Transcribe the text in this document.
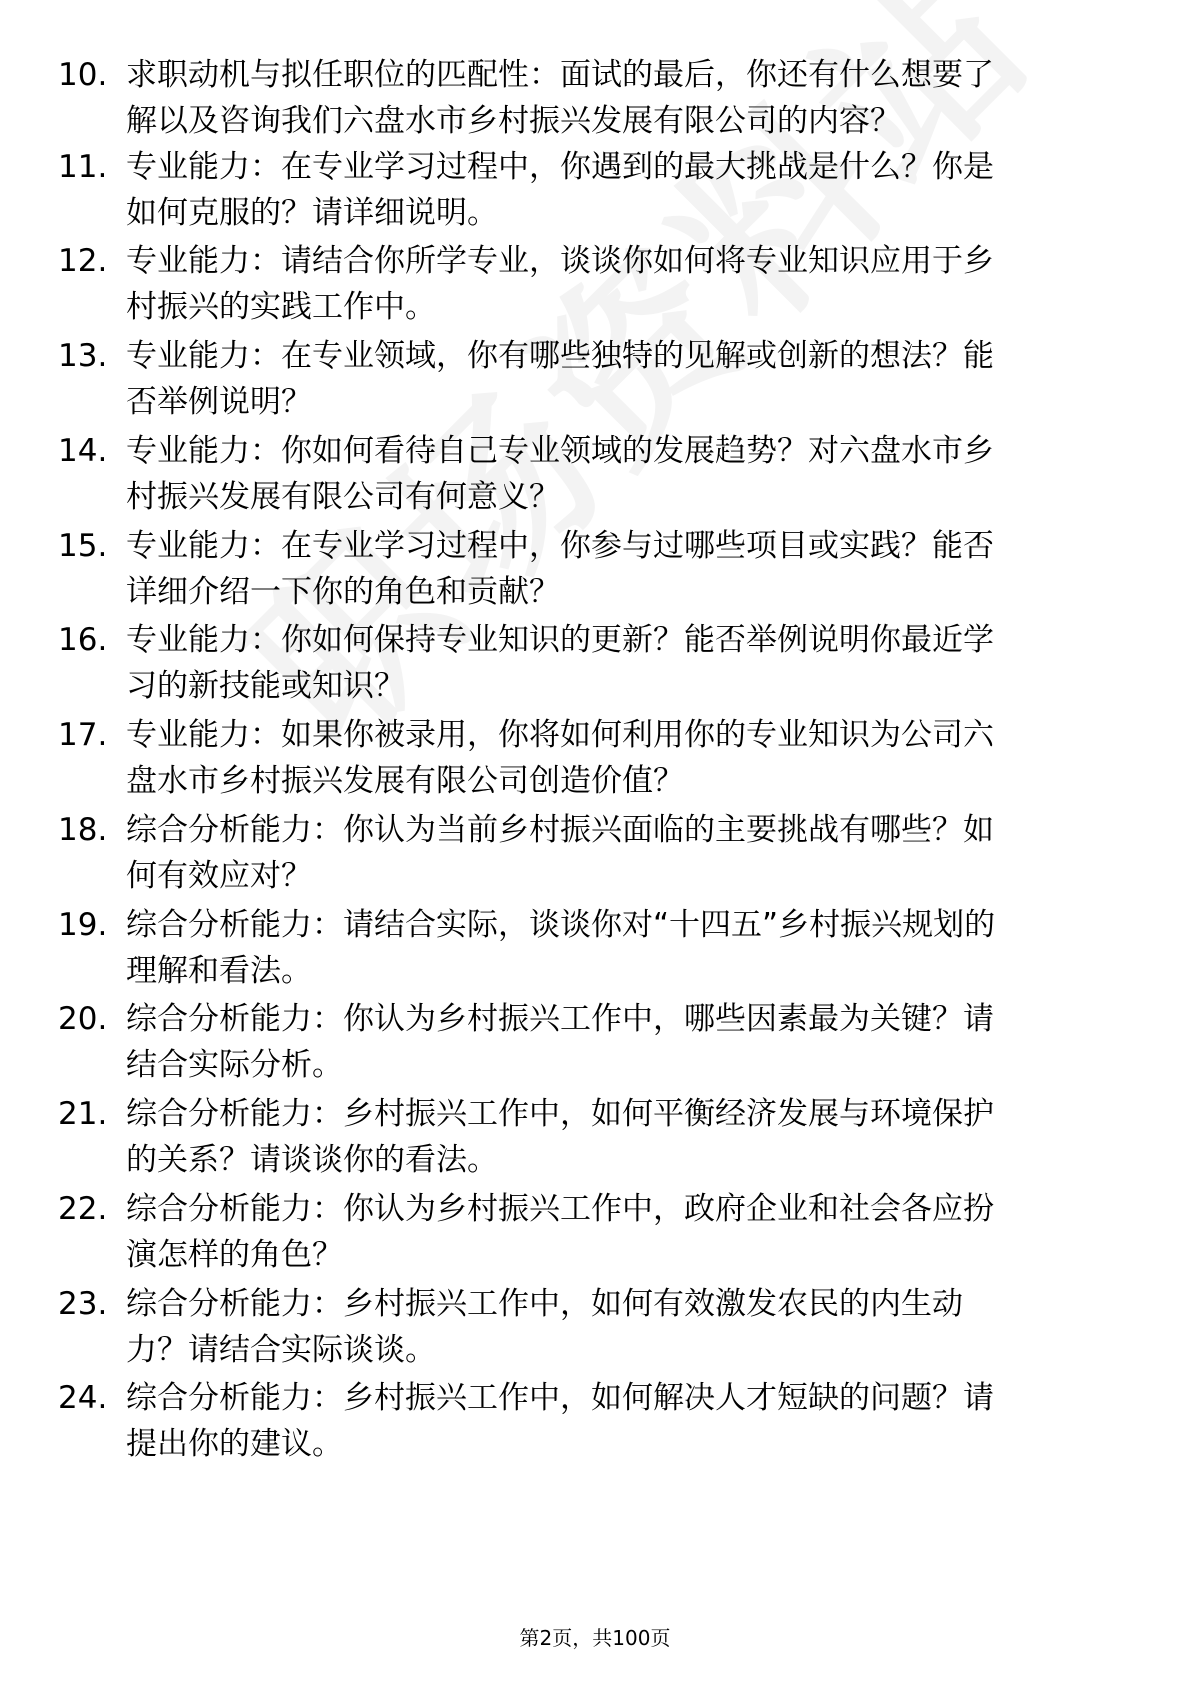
10. 求职动机与拟任职位的匹配性：面试的最后，你还有什么想要了
解以及咨询我们六盘水市乡村振兴发展有限公司的内容？
11. 专业能力：在专业学习过程中，你遇到的最大挑战是什么？你是
如何克服的？请详细说明。
12. 专业能力：请结合你所学专业，谈谈你如何将专业知识应用于乡
村振兴的实践工作中。
13. 专业能力：在专业领域，你有哪些独特的见解或创新的想法？能
否举例说明？
14. 专业能力：你如何看待自己专业领域的发展趋势？对六盘水市乡
村振兴发展有限公司有何意义？
15. 专业能力：在专业学习过程中，你参与过哪些项目或实践？能否
详细介绍一下你的角色和贡献？
16. 专业能力：你如何保持专业知识的更新？能否举例说明你最近学
习的新技能或知识？
17. 专业能力：如果你被录用，你将如何利用你的专业知识为公司六
盘水市乡村振兴发展有限公司创造价值？
18. 综合分析能力：你认为当前乡村振兴面临的主要挑战有哪些？如
何有效应对？
19. 综合分析能力：请结合实际，谈谈你对“十四五”乡村振兴规划的
理解和看法。
20. 综合分析能力：你认为乡村振兴工作中，哪些因素最为关键？请
结合实际分析。
21. 综合分析能力：乡村振兴工作中，如何平衡经济发展与环境保护
的关系？请谈谈你的看法。
22. 综合分析能力：你认为乡村振兴工作中，政府企业和社会各应扮
演怎样的角色？
23. 综合分析能力：乡村振兴工作中，如何有效激发农民的内生动
力？请结合实际谈谈。
24. 综合分析能力：乡村振兴工作中，如何解决人才短缺的问题？请
提出你的建议。
第2页，共100页
